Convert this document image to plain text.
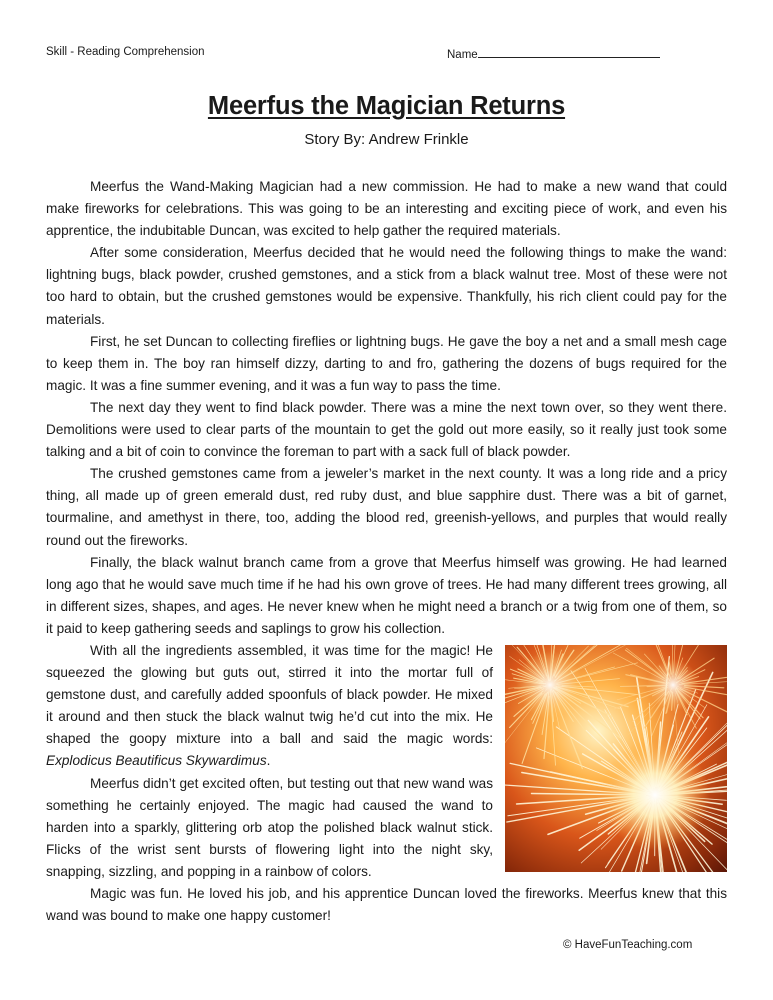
Skill - Reading Comprehension	Name
Meerfus the Magician Returns
Story By: Andrew Frinkle

Meerfus the Wand-Making Magician had a new commission. He had to make a new wand that could make fireworks for celebrations. This was going to be an interesting and exciting piece of work, and even his apprentice, the indubitable Duncan, was excited to help gather the required materials.

After some consideration, Meerfus decided that he would need the following things to make the wand: lightning bugs, black powder, crushed gemstones, and a stick from a black walnut tree. Most of these were not too hard to obtain, but the crushed gemstones would be expensive. Thankfully, his rich client could pay for the materials.

First, he set Duncan to collecting fireflies or lightning bugs. He gave the boy a net and a small mesh cage to keep them in. The boy ran himself dizzy, darting to and fro, gathering the dozens of bugs required for the magic. It was a fine summer evening, and it was a fun way to pass the time.

The next day they went to find black powder. There was a mine the next town over, so they went there. Demolitions were used to clear parts of the mountain to get the gold out more easily, so it really just took some talking and a bit of coin to convince the foreman to part with a sack full of black powder.

The crushed gemstones came from a jeweler’s market in the next county. It was a long ride and a pricy thing, all made up of green emerald dust, red ruby dust, and blue sapphire dust. There was a bit of garnet, tourmaline, and amethyst in there, too, adding the blood red, greenish-yellows, and purples that would really round out the fireworks.

Finally, the black walnut branch came from a grove that Meerfus himself was growing. He had learned long ago that he would save much time if he had his own grove of trees. He had many different trees growing, all in different sizes, shapes, and ages. He never knew when he might need a branch or a twig from one of them, so it paid to keep gathering seeds and saplings to grow his collection.

With all the ingredients assembled, it was time for the magic! He squeezed the glowing but guts out, stirred it into the mortar full of gemstone dust, and carefully added spoonfuls of black powder. He mixed it around and then stuck the black walnut twig he’d cut into the mix. He shaped the goopy mixture into a ball and said the magic words: Explodicus Beautificus Skywardimus.

Meerfus didn’t get excited often, but testing out that new wand was something he certainly enjoyed. The magic had caused the wand to harden into a sparkly, glittering orb atop the polished black walnut stick. Flicks of the wrist sent bursts of flowering light into the night sky, snapping, sizzling, and popping in a rainbow of colors.

Magic was fun. He loved his job, and his apprentice Duncan loved the fireworks. Meerfus knew that this wand was bound to make one happy customer!

© HaveFunTeaching.com
